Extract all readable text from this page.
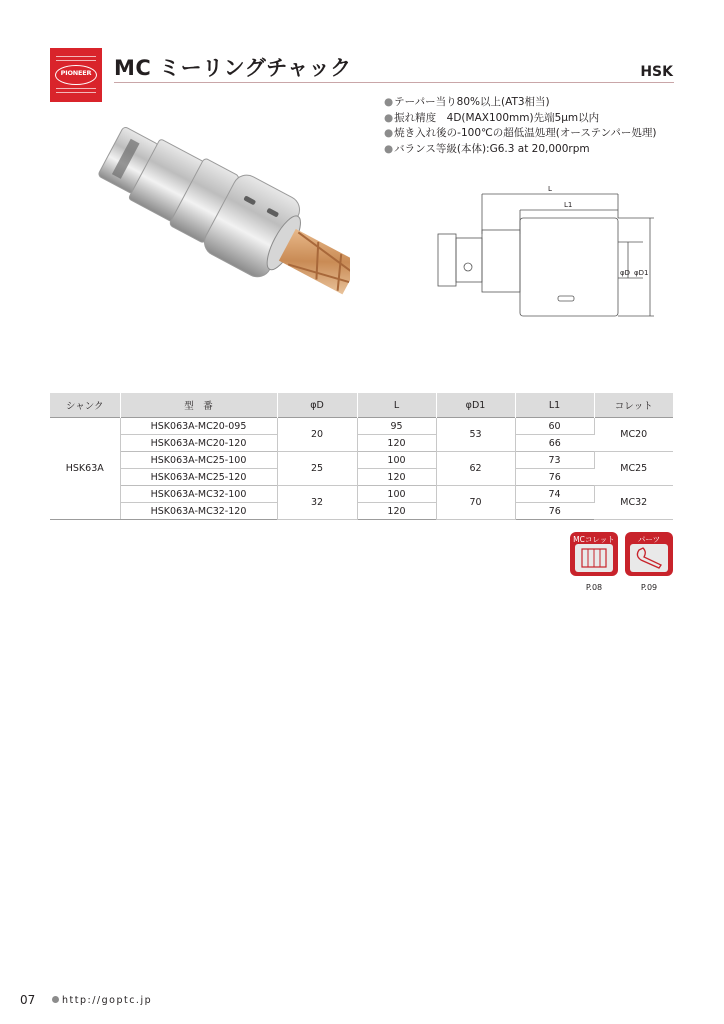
PIONEER	MC ミーリングチャック	HSK
● テーパー当り80%以上(AT3相当)
● 振れ精度　4D(MAX100mm)先端5μm以内
● 焼き入れ後の-100℃の超低温処理(オーステンパー処理)
● バランス等級(本体):G6.3 at 20,000rpm
L
L1
φD φD1
シャンク	型　番	φD	L	φD1	L1	コレット
HSK63A	HSK063A-MC20-095	20	95	53	60	MC20
	HSK063A-MC20-120		120		66	
	HSK063A-MC25-100	25	100	62	73	MC25
	HSK063A-MC25-120		120		76	
	HSK063A-MC32-100	32	100	70	74	MC32
	HSK063A-MC32-120		120		76	
MCコレット
P.08
パーツ
P.09
07	http://goptc.jp
